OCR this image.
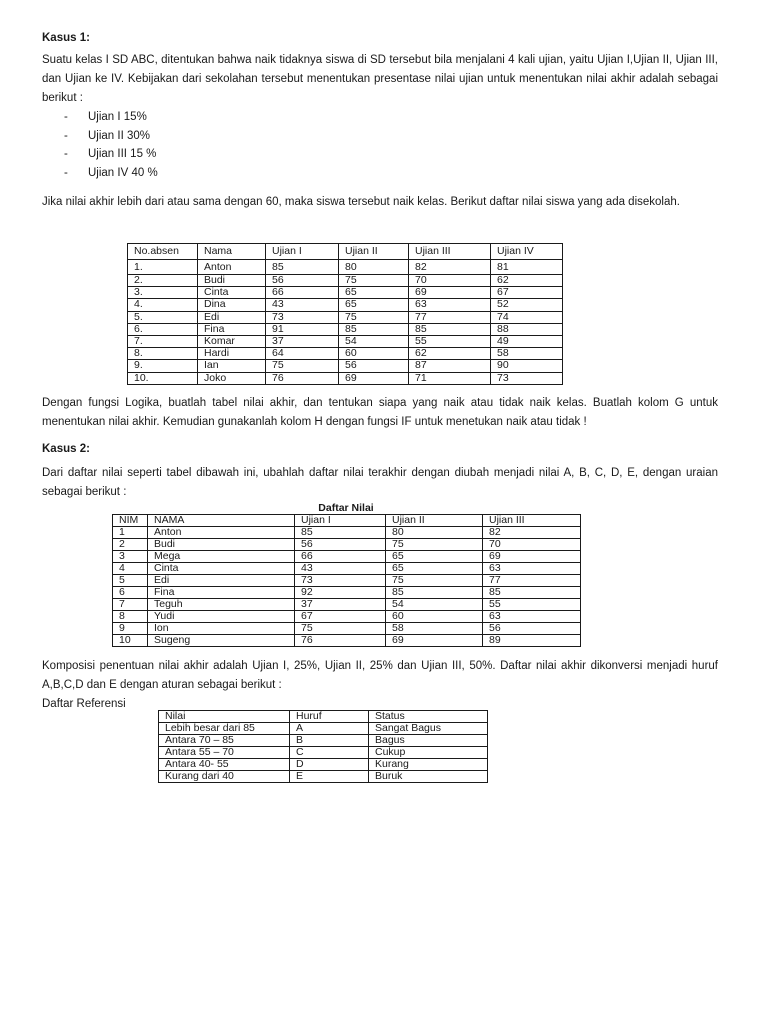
Kasus 1:

Suatu kelas I SD ABC, ditentukan bahwa naik tidaknya siswa di SD tersebut bila menjalani 4 kali ujian, yaitu Ujian I,Ujian II, Ujian III, dan Ujian ke IV. Kebijakan dari sekolahan tersebut menentukan presentase nilai ujian untuk menentukan nilai akhir adalah sebagai berikut :

-	Ujian I 15%
-	Ujian II 30%
-	Ujian III 15 %
-	Ujian IV 40 %

Jika nilai akhir lebih dari atau sama dengan 60, maka siswa tersebut naik kelas. Berikut daftar nilai siswa yang ada disekolah.

No.absen	Nama	Ujian I	Ujian II	Ujian III	Ujian IV
1.	Anton	85	80	82	81
2.	Budi	56	75	70	62
3.	Cinta	66	65	69	67
4.	Dina	43	65	63	52
5.	Edi	73	75	77	74
6.	Fina	91	85	85	88
7.	Komar	37	54	55	49
8.	Hardi	64	60	62	58
9.	Ian	75	56	87	90
10.	Joko	76	69	71	73

Dengan fungsi Logika, buatlah tabel nilai akhir, dan tentukan siapa yang naik atau tidak naik kelas. Buatlah kolom G untuk menentukan nilai akhir. Kemudian gunakanlah kolom H dengan fungsi IF untuk menetukan naik atau tidak !

Kasus 2:

Dari daftar nilai seperti tabel dibawah ini, ubahlah daftar nilai terakhir dengan diubah menjadi nilai A, B, C, D, E, dengan uraian sebagai berikut :

Daftar Nilai
NIM	NAMA	Ujian I	Ujian II	Ujian III
1	Anton	85	80	82
2	Budi	56	75	70
3	Mega	66	65	69
4	Cinta	43	65	63
5	Edi	73	75	77
6	Fina	92	85	85
7	Teguh	37	54	55
8	Yudi	67	60	63
9	Ion	75	58	56
10	Sugeng	76	69	89

Komposisi penentuan nilai akhir adalah Ujian I, 25%, Ujian II, 25% dan Ujian III, 50%. Daftar nilai akhir dikonversi menjadi huruf A,B,C,D dan E dengan aturan sebagai berikut :

Daftar Referensi
Nilai	Huruf	Status
Lebih besar dari 85	A	Sangat Bagus
Antara 70 – 85	B	Bagus
Antara 55 – 70	C	Cukup
Antara 40- 55	D	Kurang
Kurang dari 40	E	Buruk
